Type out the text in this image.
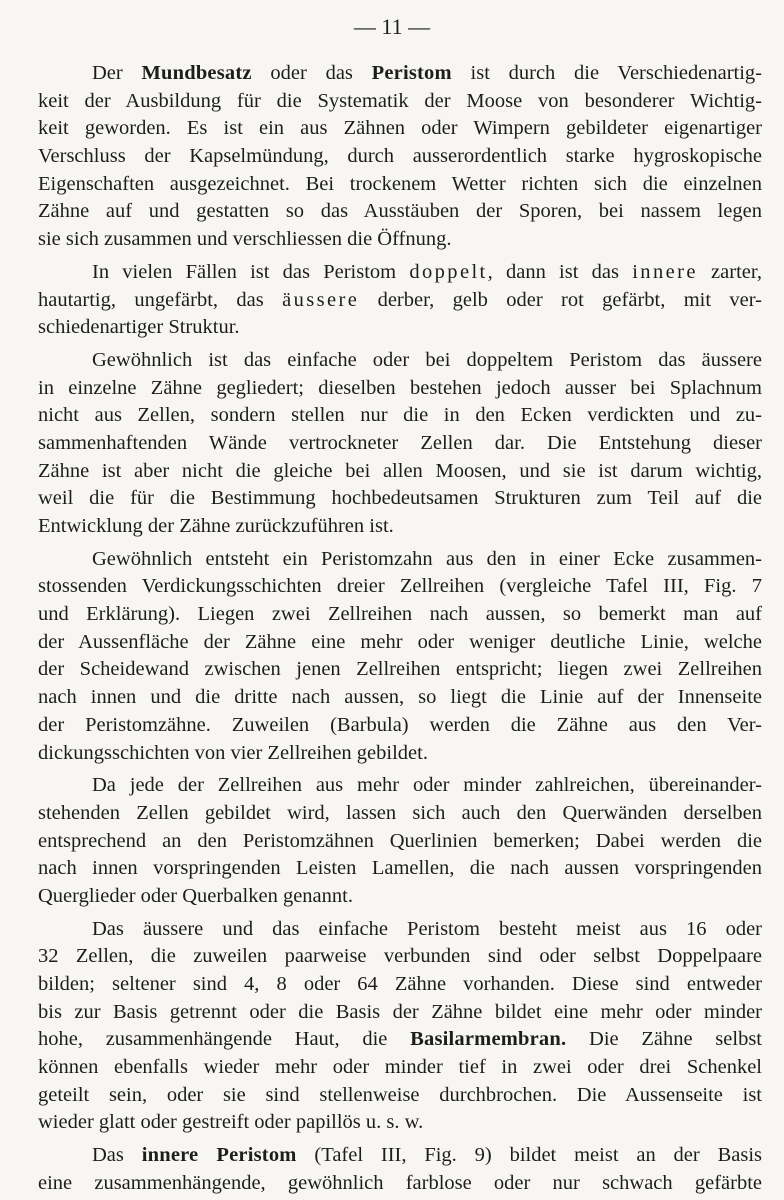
— 11 —
Der Mundbesatz oder das Peristom ist durch die Verschiedenartig-
keit der Ausbildung für die Systematik der Moose von besonderer Wichtig-
keit geworden. Es ist ein aus Zähnen oder Wimpern gebildeter eigenartiger
Verschluss der Kapselmündung, durch ausserordentlich starke hygroskopische
Eigenschaften ausgezeichnet. Bei trockenem Wetter richten sich die einzelnen
Zähne auf und gestatten so das Ausstäuben der Sporen, bei nassem legen
sie sich zusammen und verschliessen die Öffnung.
In vielen Fällen ist das Peristom doppelt, dann ist das innere zarter,
hautartig, ungefärbt, das äussere derber, gelb oder rot gefärbt, mit ver-
schiedenartiger Struktur.
Gewöhnlich ist das einfache oder bei doppeltem Peristom das äussere
in einzelne Zähne gegliedert; dieselben bestehen jedoch ausser bei Splachnum
nicht aus Zellen, sondern stellen nur die in den Ecken verdickten und zu-
sammenhaftenden Wände vertrockneter Zellen dar. Die Entstehung dieser
Zähne ist aber nicht die gleiche bei allen Moosen, und sie ist darum wichtig,
weil die für die Bestimmung hochbedeutsamen Strukturen zum Teil auf die
Entwicklung der Zähne zurückzuführen ist.
Gewöhnlich entsteht ein Peristomzahn aus den in einer Ecke zusammen-
stossenden Verdickungsschichten dreier Zellreihen (vergleiche Tafel III, Fig. 7
und Erklärung). Liegen zwei Zellreihen nach aussen, so bemerkt man auf
der Aussenfläche der Zähne eine mehr oder weniger deutliche Linie, welche
der Scheidewand zwischen jenen Zellreihen entspricht; liegen zwei Zellreihen
nach innen und die dritte nach aussen, so liegt die Linie auf der Innenseite
der Peristomzähne. Zuweilen (Barbula) werden die Zähne aus den Ver-
dickungsschichten von vier Zellreihen gebildet.
Da jede der Zellreihen aus mehr oder minder zahlreichen, übereinander-
stehenden Zellen gebildet wird, lassen sich auch den Querwänden derselben
entsprechend an den Peristomzähnen Querlinien bemerken; Dabei werden die
nach innen vorspringenden Leisten Lamellen, die nach aussen vorspringenden
Querglieder oder Querbalken genannt.
Das äussere und das einfache Peristom besteht meist aus 16 oder
32 Zellen, die zuweilen paarweise verbunden sind oder selbst Doppelpaare
bilden; seltener sind 4, 8 oder 64 Zähne vorhanden. Diese sind entweder
bis zur Basis getrennt oder die Basis der Zähne bildet eine mehr oder minder
hohe, zusammenhängende Haut, die Basilarmembran. Die Zähne selbst
können ebenfalls wieder mehr oder minder tief in zwei oder drei Schenkel
geteilt sein, oder sie sind stellenweise durchbrochen. Die Aussenseite ist
wieder glatt oder gestreift oder papillös u. s. w.
Das innere Peristom (Tafel III, Fig. 9) bildet meist an der Basis
eine zusammenhängende, gewöhnlich farblose oder nur schwach gefärbte
